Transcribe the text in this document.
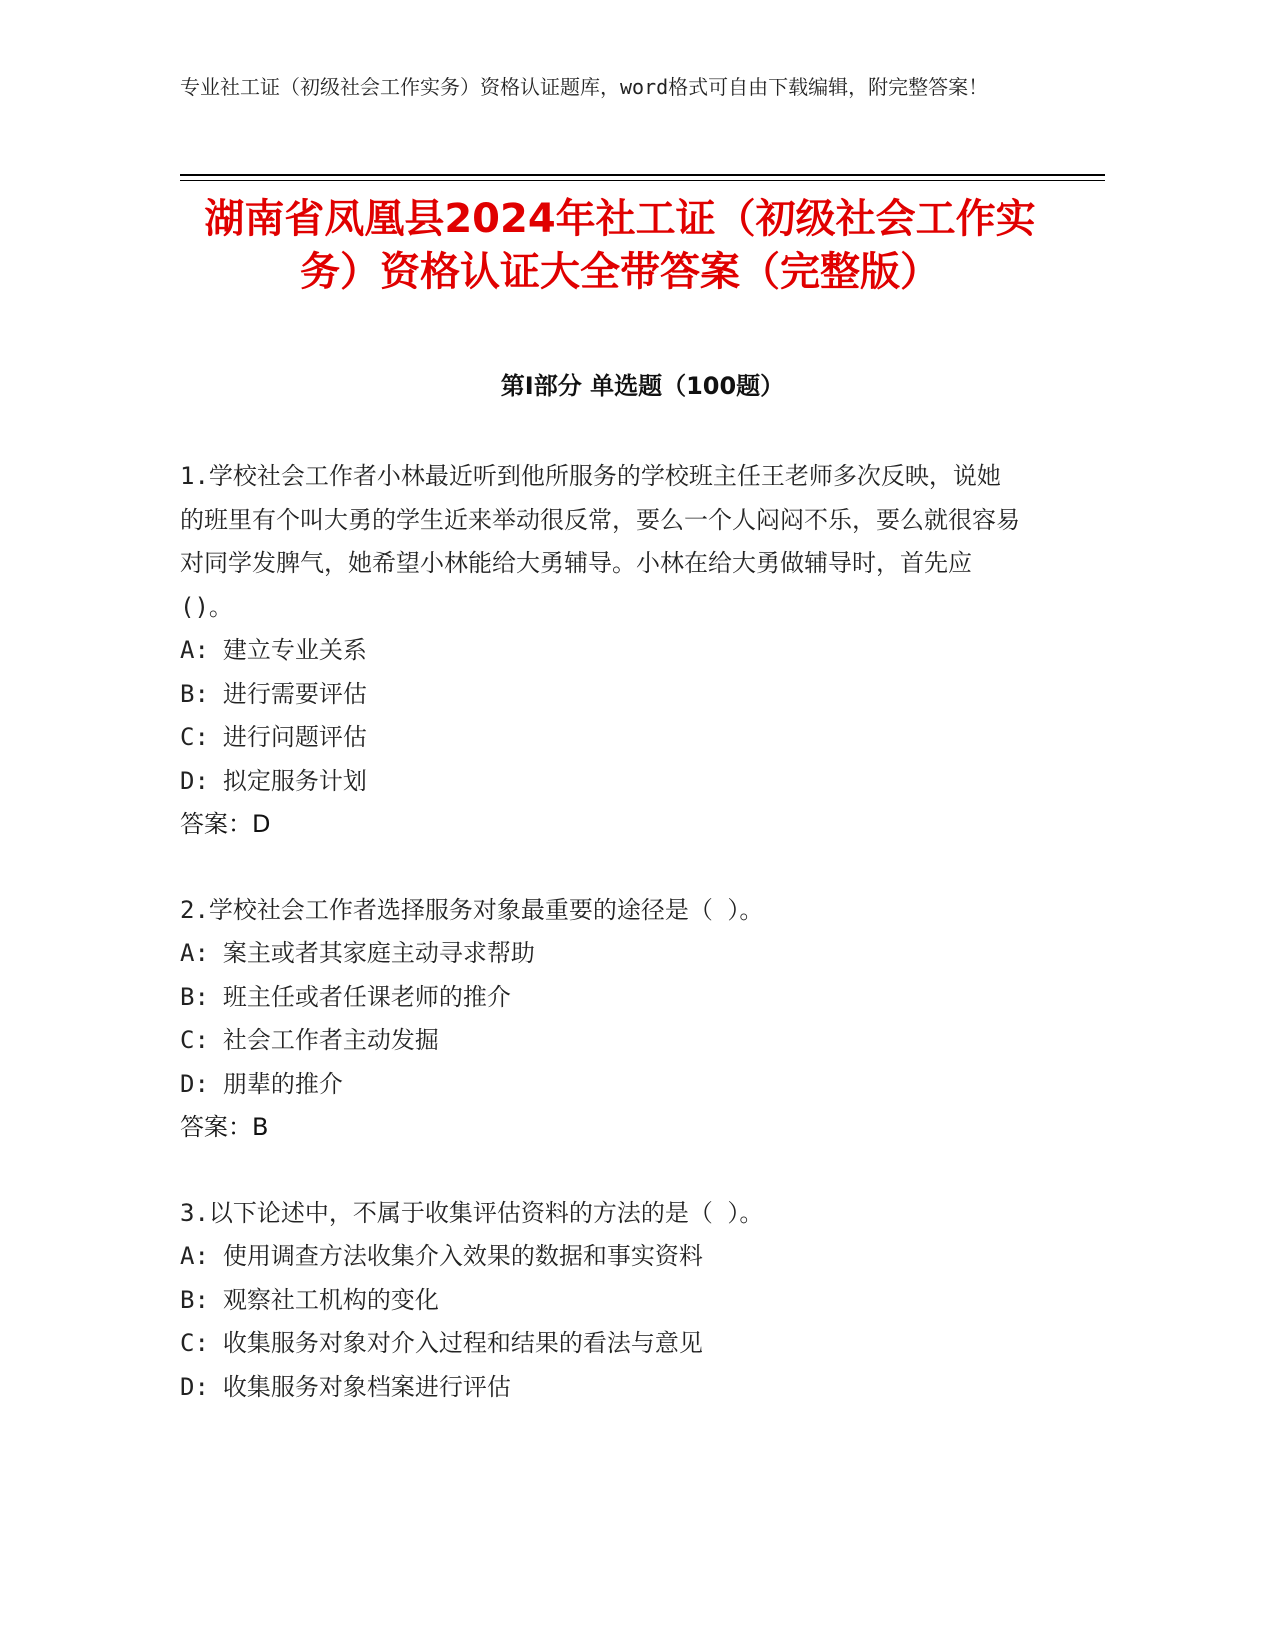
专业社工证（初级社会工作实务）资格认证题库，word格式可自由下载编辑，附完整答案！
湖南省凤凰县2024年社工证（初级社会工作实务）资格认证大全带答案（完整版）
第Ⅰ部分 单选题（100题）

1.学校社会工作者小林最近听到他所服务的学校班主任王老师多次反映，说她的班里有个叫大勇的学生近来举动很反常，要么一个人闷闷不乐，要么就很容易对同学发脾气，她希望小林能给大勇辅导。小林在给大勇做辅导时，首先应()。

A: 建立专业关系

B: 进行需要评估

C: 进行问题评估

D: 拟定服务计划

答案：D

2.学校社会工作者选择服务对象最重要的途径是（ ）。

A: 案主或者其家庭主动寻求帮助

B: 班主任或者任课老师的推介

C: 社会工作者主动发掘

D: 朋辈的推介

答案：B

3.以下论述中，不属于收集评估资料的方法的是（ ）。

A: 使用调查方法收集介入效果的数据和事实资料

B: 观察社工机构的变化

C: 收集服务对象对介入过程和结果的看法与意见

D: 收集服务对象档案进行评估
